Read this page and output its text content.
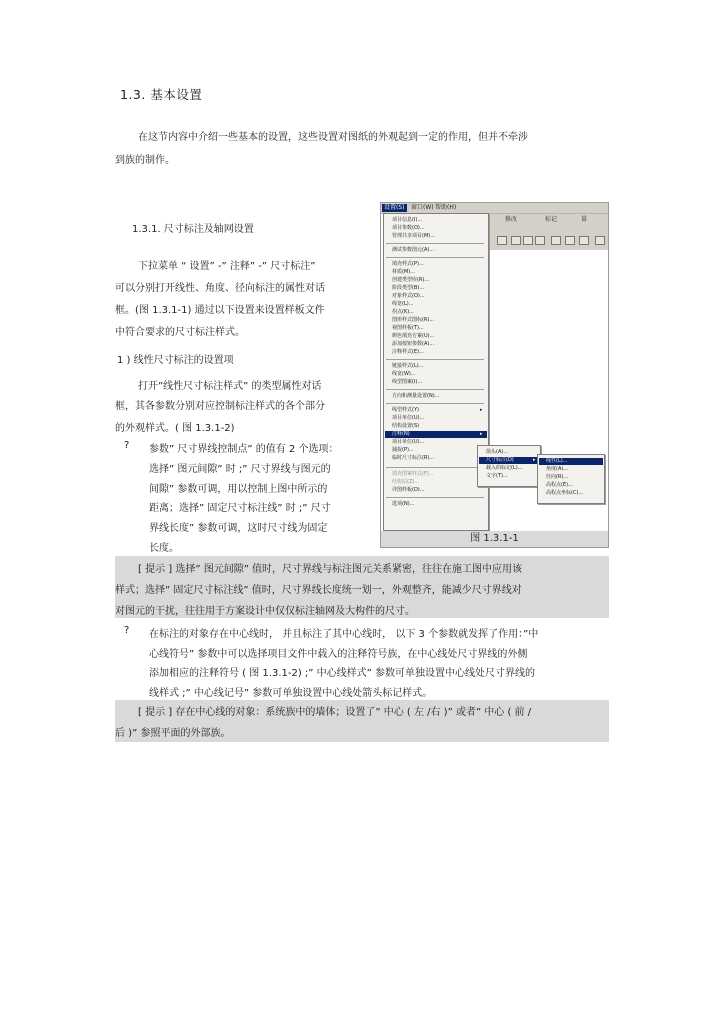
1.3. 基本设置
在这节内容中介绍一些基本的设置，这些设置对图纸的外观起到一定的作用，但并不牵涉
到族的制作。
1.3.1. 尺寸标注及轴网设置
下拉菜单 “ 设置” -” 注释” -” 尺寸标注”
可以分别打开线性、角度、径向标注的属性对话
框。(图 1.3.1-1) 通过以下设置来设置样板文件
中符合要求的尺寸标注样式。
1 ) 线性尺寸标注的设置项
打开”线性尺寸标注样式” 的类型属性对话
框，其各参数分别对应控制标注样式的各个部分
的外观样式。( 图 1.3.1-2)
? 参数” 尺寸界线控制点” 的值有 2 个选项：
选择” 图元间隙” 时 ;” 尺寸界线与图元的
间隙” 参数可调，用以控制上图中所示的
距离；选择” 固定尺寸标注线” 时 ;” 尺寸
界线长度” 参数可调，这时尺寸线为固定
长度。
[ 提示 ] 选择” 图元间隙” 值时，尺寸界线与标注图元关系紧密，往往在施工图中应用该
样式；选择” 固定尺寸标注线” 值时，尺寸界线长度统一划一，外观整齐，能减少尺寸界线对
对图元的干扰，往往用于方案设计中仅仅标注轴网及大构件的尺寸。
? 在标注的对象存在中心线时， 并且标注了其中心线时， 以下 3 个参数就发挥了作用：”中
心线符号” 参数中可以选择项目文件中载入的注释符号族，在中心线处尺寸界线的外侧
添加相应的注释符号 ( 图 1.3.1-2) ;” 中心线样式” 参数可单独设置中心线处尺寸界线的
线样式 ;” 中心线记号” 参数可单独设置中心线处箭头标记样式。
[ 提示 ] 存在中心线的对象：系统族中的墙体；设置了” 中心 ( 左 /右 )” 或者” 中心 ( 前 /
后 )” 参照平面的外部族。
设置(S)	窗口(W) 帮助(H)
修改	标记	量
项目信息(I)...
项目参数(O)...
管理共享项目(M)...
测试参数图元(A)...
填充样式(P)...
材质(M)...
创建类型库(R)...
阶段类型(B)...
对象样式(O)...
线宽(L)...
拐点(K)...
图形样式图标(R)...
视图样板(T)...
颜色填充方案(U)...
添加按钮参数(A)...
注释样式(E)...
链接样式(L)...
线宽(W)...
线型图案(I)...
方向和测量设置(N)...
线型样式(Y)	▸
项目单位(U)...
结构设置(S)
注释(N)	▸
项目单位(U)...
捕捉(P)...
临时尺寸标注(R)...
填充图案样式(F)...
结构层(Z)...
详图样板(D)...
选项(N)...
箭头(A)...
尺寸标注(D)	▸
载入的标记(L)...
文字(T)...
线性(L)...
角度(A)...
径向(R)...
高程点(E)...
高程点坐标(C)...
图 1.3.1-1
